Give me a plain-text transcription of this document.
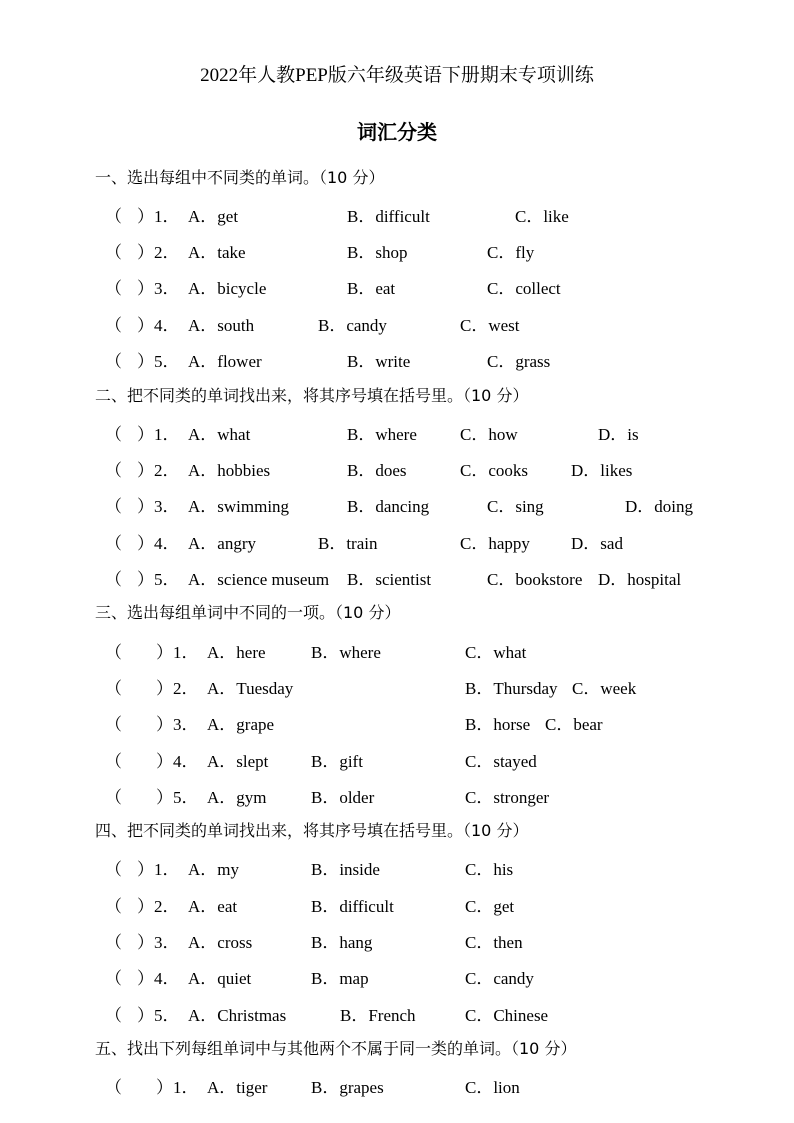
2022年人教PEP版六年级英语下册期末专项训练
词汇分类
一、选出每组中不同类的单词。（10 分）
（ ）1． A．get	B．difficult	C．like
（ ）2． A．take	B．shop	C．fly
（ ）3． A．bicycle	B．eat	C．collect
（ ）4． A．south	B．candy	C．west
（ ）5． A．flower	B．write	C．grass
二、把不同类的单词找出来，将其序号填在括号里。（10 分）
（ ）1． A．what	B．where	C．how	D．is
（ ）2． A．hobbies	B．does	C．cooks	D．likes
（ ）3． A．swimming	B．dancing	C．sing	D．doing
（ ）4． A．angry	B．train	C．happy D．sad
（ ）5． A．science museum B．scientist	C．bookstore D．hospital
三、选出每组单词中不同的一项。（10 分）
（ ）1． A．here	B．where	C．what
（ ）2． A．Tuesday	B．Thursday C．week
（ ）3． A．grape	B．horse C．bear
（ ）4． A．slept	B．gift	C．stayed
（ ）5． A．gym	B．older	C．stronger
四、把不同类的单词找出来，将其序号填在括号里。（10 分）
（ ）1． A．my	B．inside	C．his
（ ）2． A．eat	B．difficult	C．get
（ ）3． A．cross	B．hang	C．then
（ ）4． A．quiet	B．map	C．candy
（ ）5． A．Christmas	B．French	C．Chinese
五、找出下列每组单词中与其他两个不属于同一类的单词。（10 分）
（ ）1． A．tiger	B．grapes	C．lion
